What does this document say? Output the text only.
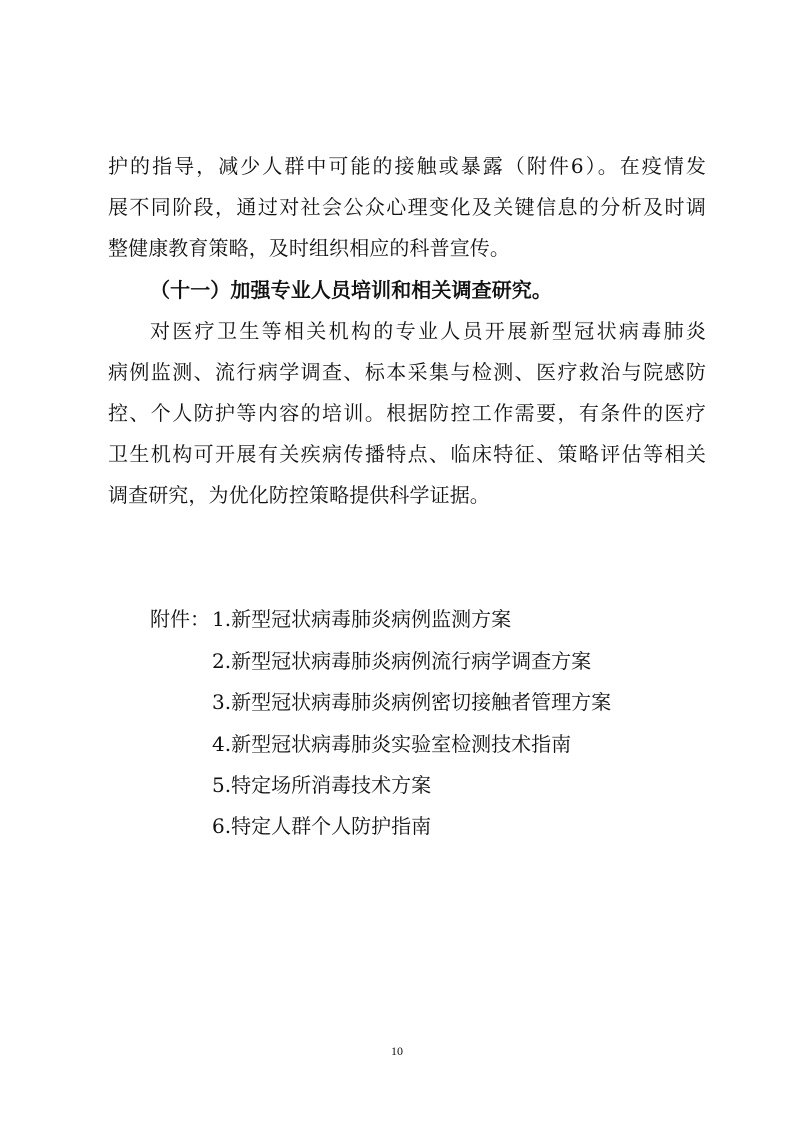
护的指导，减少人群中可能的接触或暴露（附件6）。在疫情发
展不同阶段，通过对社会公众心理变化及关键信息的分析及时调
整健康教育策略，及时组织相应的科普宣传。
（十一）加强专业人员培训和相关调查研究。
对医疗卫生等相关机构的专业人员开展新型冠状病毒肺炎
病例监测、流行病学调查、标本采集与检测、医疗救治与院感防
控、个人防护等内容的培训。根据防控工作需要，有条件的医疗
卫生机构可开展有关疾病传播特点、临床特征、策略评估等相关
调查研究，为优化防控策略提供科学证据。
附件： 1.新型冠状病毒肺炎病例监测方案
2.新型冠状病毒肺炎病例流行病学调查方案
3.新型冠状病毒肺炎病例密切接触者管理方案
4.新型冠状病毒肺炎实验室检测技术指南
5.特定场所消毒技术方案
6.特定人群个人防护指南
10
